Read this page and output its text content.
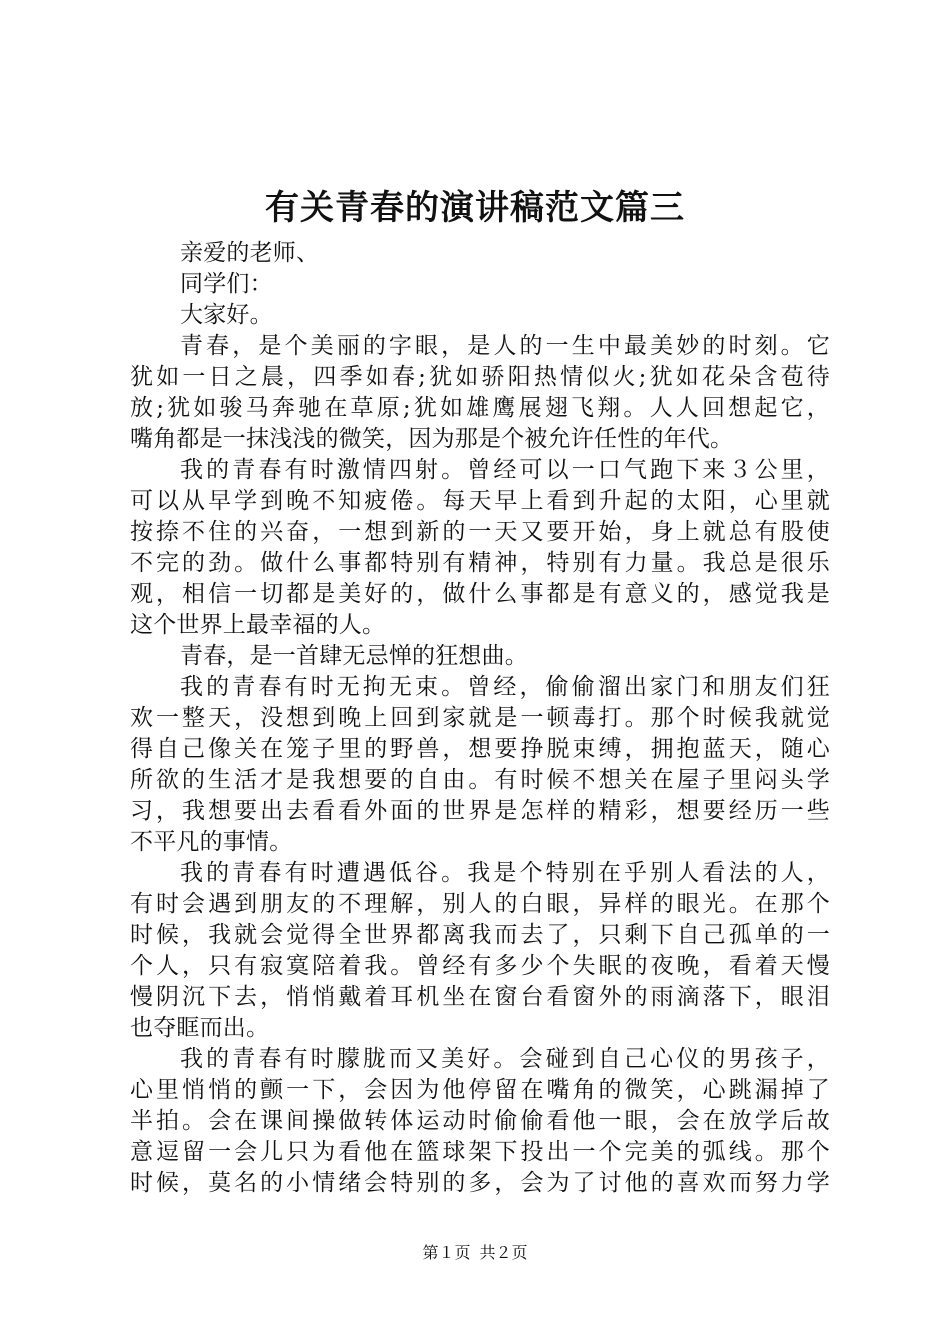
有关青春的演讲稿范文篇三
亲爱的老师、
同学们：
大家好。
青春，是个美丽的字眼，是人的一生中最美妙的时刻。它
犹如一日之晨，四季如春;犹如骄阳热情似火;犹如花朵含苞待
放;犹如骏马奔驰在草原;犹如雄鹰展翅飞翔。人人回想起它，
嘴角都是一抹浅浅的微笑，因为那是个被允许任性的年代。
我的青春有时激情四射。曾经可以一口气跑下来３公里，
可以从早学到晚不知疲倦。每天早上看到升起的太阳，心里就
按捺不住的兴奋，一想到新的一天又要开始，身上就总有股使
不完的劲。做什么事都特别有精神，特别有力量。我总是很乐
观，相信一切都是美好的，做什么事都是有意义的，感觉我是
这个世界上最幸福的人。
青春，是一首肆无忌惮的狂想曲。
我的青春有时无拘无束。曾经，偷偷溜出家门和朋友们狂
欢一整天，没想到晚上回到家就是一顿毒打。那个时候我就觉
得自己像关在笼子里的野兽，想要挣脱束缚，拥抱蓝天，随心
所欲的生活才是我想要的自由。有时候不想关在屋子里闷头学
习，我想要出去看看外面的世界是怎样的精彩，想要经历一些
不平凡的事情。
我的青春有时遭遇低谷。我是个特别在乎别人看法的人，
有时会遇到朋友的不理解，别人的白眼，异样的眼光。在那个
时候，我就会觉得全世界都离我而去了，只剩下自己孤单的一
个人，只有寂寞陪着我。曾经有多少个失眠的夜晚，看着天慢
慢阴沉下去，悄悄戴着耳机坐在窗台看窗外的雨滴落下，眼泪
也夺眶而出。
我的青春有时朦胧而又美好。会碰到自己心仪的男孩子，
心里悄悄的颤一下，会因为他停留在嘴角的微笑，心跳漏掉了
半拍。会在课间操做转体运动时偷偷看他一眼，会在放学后故
意逗留一会儿只为看他在篮球架下投出一个完美的弧线。那个
时候，莫名的小情绪会特别的多，会为了讨他的喜欢而努力学
第１页 共２页
